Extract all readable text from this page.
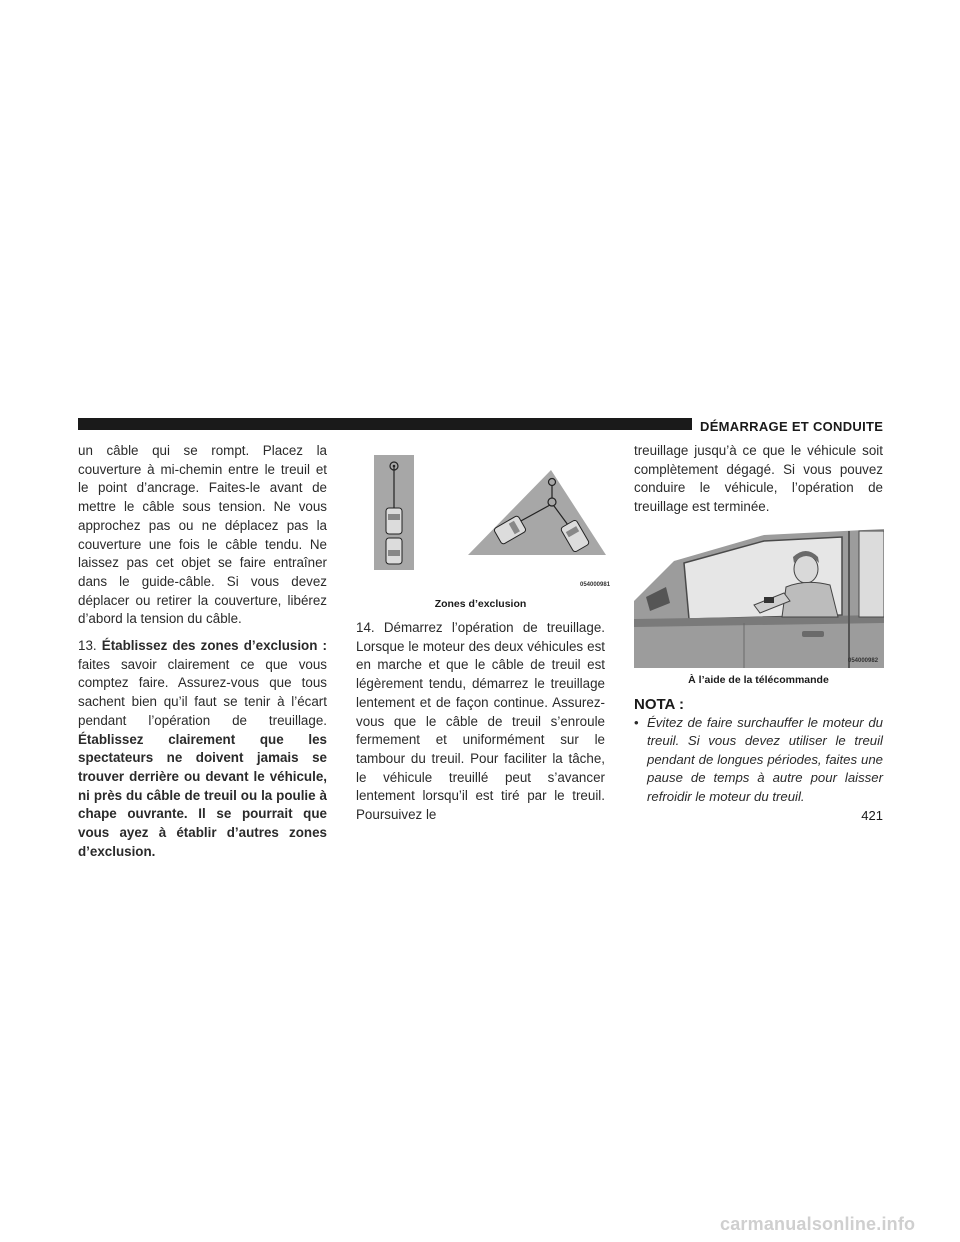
DÉMARRAGE ET CONDUITE

un câble qui se rompt. Placez la couverture à mi-chemin entre le treuil et le point d’ancrage. Faites-le avant de mettre le câble sous tension. Ne vous approchez pas ou ne déplacez pas la couverture une fois le câble tendu. Ne laissez pas cet objet se faire entraîner dans le guide-câble. Si vous devez déplacer ou retirer la couverture, libérez d’abord la tension du câble.

13. Établissez des zones d’exclusion : faites savoir clairement ce que vous comptez faire. Assurez-vous que tous sachent bien qu’il faut se tenir à l’écart pendant l’opération de treuillage. Établissez clairement que les spectateurs ne doivent jamais se trouver derrière ou devant le véhicule, ni près du câble de treuil ou la poulie à chape ouvrante. Il se pourrait que vous ayez à établir d’autres zones d’exclusion.

054000981
Zones d’exclusion

14. Démarrez l’opération de treuillage. Lorsque le moteur des deux véhicules est en marche et que le câble de treuil est légèrement tendu, démarrez le treuillage lentement et de façon continue. Assurez-vous que le câble de treuil s’enroule fermement et uniformément sur le tambour du treuil. Pour faciliter la tâche, le véhicule treuillé peut s’avancer lentement lorsqu’il est tiré par le treuil. Poursuivez le

treuillage jusqu’à ce que le véhicule soit complètement dégagé. Si vous pouvez conduire le véhicule, l’opération de treuillage est terminée.

054000982
À l’aide de la télécommande
NOTA :
• Évitez de faire surchauffer le moteur du treuil. Si vous devez utiliser le treuil pendant de longues périodes, faites une pause de temps à autre pour laisser refroidir le moteur du treuil.
421
carmanualsonline.info
